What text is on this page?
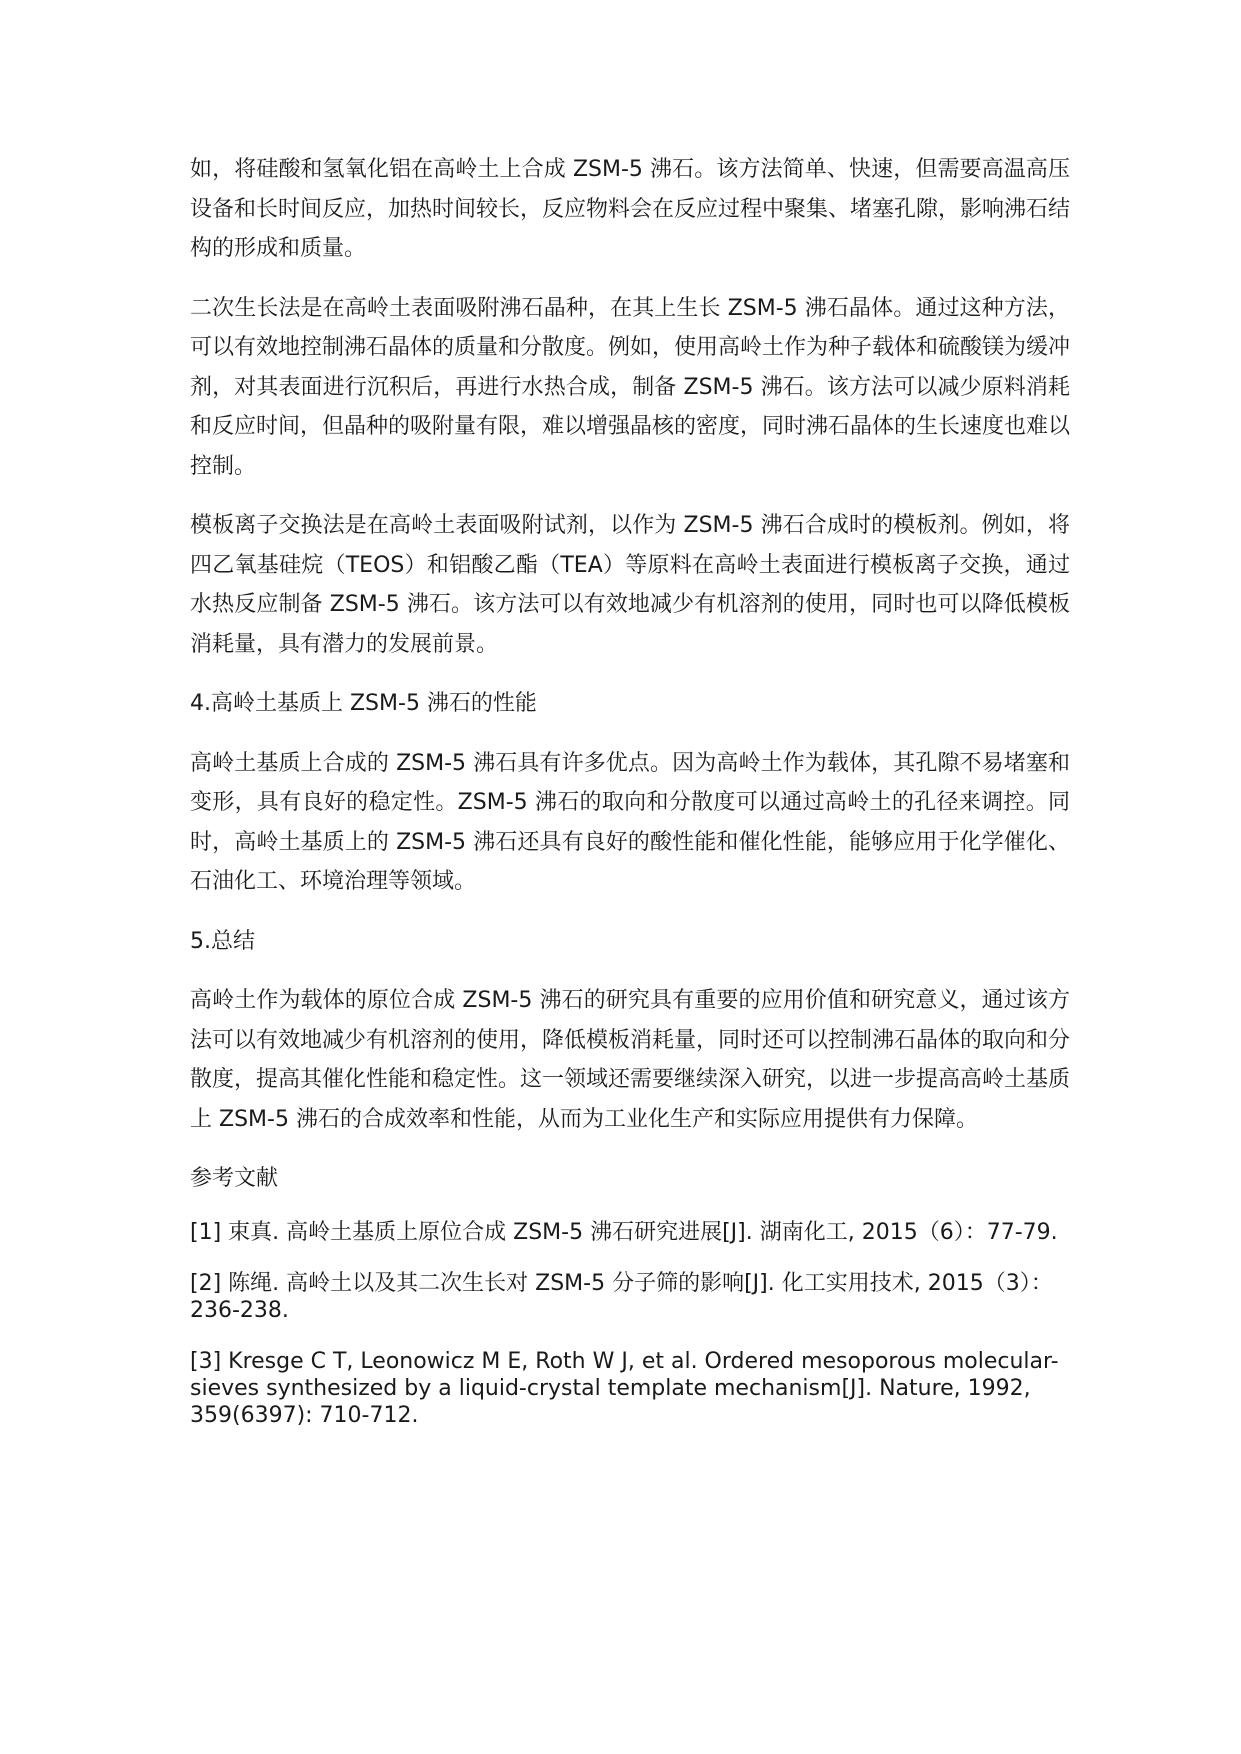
如，将硅酸和氢氧化铝在高岭土上合成 ZSM-5 沸石。该方法简单、快速，但需要高温高压设备和长时间反应，加热时间较长，反应物料会在反应过程中聚集、堵塞孔隙，影响沸石结构的形成和质量。

二次生长法是在高岭土表面吸附沸石晶种，在其上生长 ZSM-5 沸石晶体。通过这种方法，可以有效地控制沸石晶体的质量和分散度。例如，使用高岭土作为种子载体和硫酸镁为缓冲剂，对其表面进行沉积后，再进行水热合成，制备 ZSM-5 沸石。该方法可以减少原料消耗和反应时间，但晶种的吸附量有限，难以增强晶核的密度，同时沸石晶体的生长速度也难以控制。

模板离子交换法是在高岭土表面吸附试剂，以作为 ZSM-5 沸石合成时的模板剂。例如，将四乙氧基硅烷（TEOS）和铝酸乙酯（TEA）等原料在高岭土表面进行模板离子交换，通过水热反应制备 ZSM-5 沸石。该方法可以有效地减少有机溶剂的使用，同时也可以降低模板消耗量，具有潜力的发展前景。

4.高岭土基质上 ZSM-5 沸石的性能

高岭土基质上合成的 ZSM-5 沸石具有许多优点。因为高岭土作为载体，其孔隙不易堵塞和变形，具有良好的稳定性。ZSM-5 沸石的取向和分散度可以通过高岭土的孔径来调控。同时，高岭土基质上的 ZSM-5 沸石还具有良好的酸性能和催化性能，能够应用于化学催化、石油化工、环境治理等领域。

5.总结

高岭土作为载体的原位合成 ZSM-5 沸石的研究具有重要的应用价值和研究意义，通过该方法可以有效地减少有机溶剂的使用，降低模板消耗量，同时还可以控制沸石晶体的取向和分散度，提高其催化性能和稳定性。这一领域还需要继续深入研究，以进一步提高高岭土基质上 ZSM-5 沸石的合成效率和性能，从而为工业化生产和实际应用提供有力保障。

参考文献

[1] 束真. 高岭土基质上原位合成 ZSM-5 沸石研究进展[J]. 湖南化工, 2015（6）：77-79.

[2] 陈绳. 高岭土以及其二次生长对 ZSM-5 分子筛的影响[J]. 化工实用技术, 2015（3）：236-238.

[3] Kresge C T, Leonowicz M E, Roth W J, et al. Ordered mesoporous molecular-sieves synthesized by a liquid-crystal template mechanism[J]. Nature, 1992, 359(6397): 710-712.
